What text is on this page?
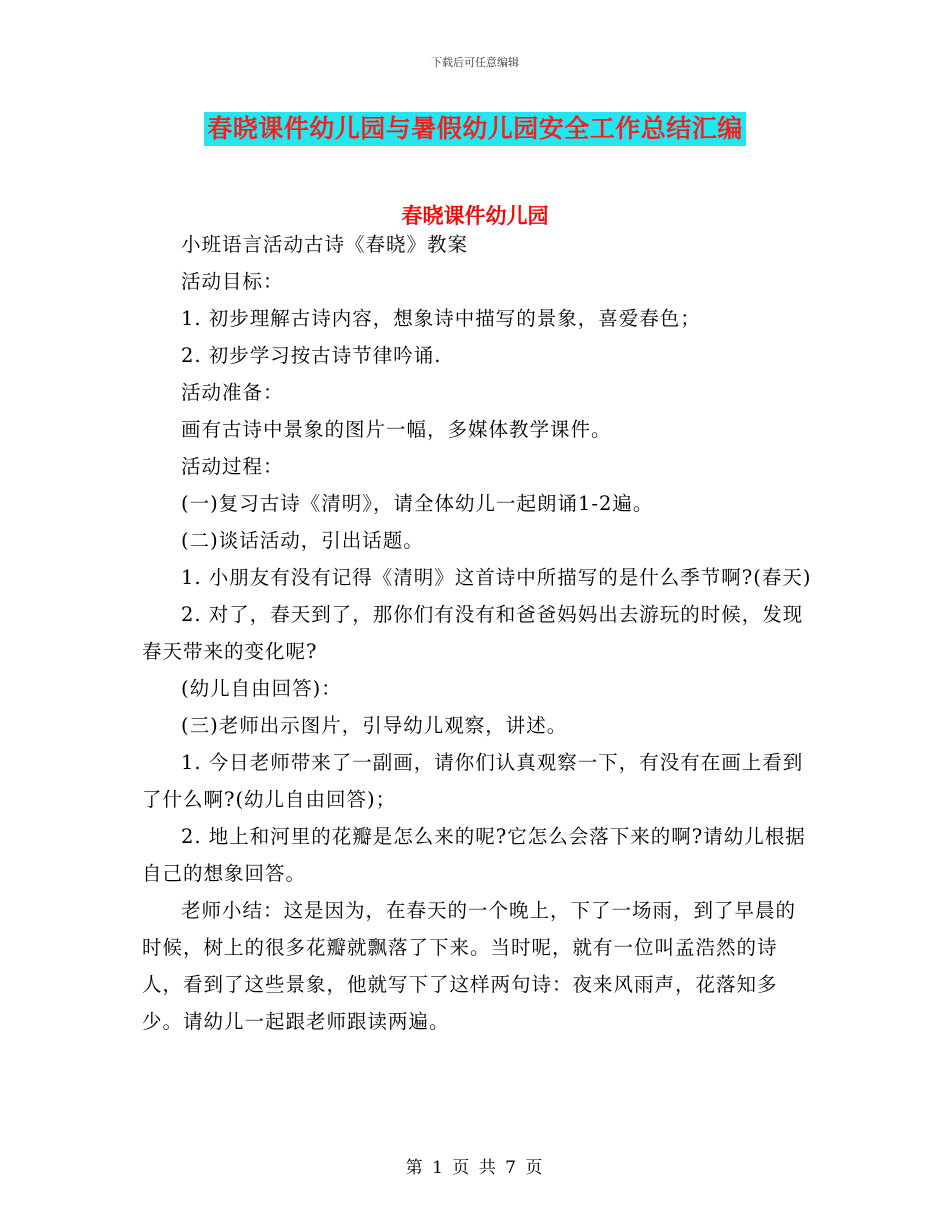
下载后可任意编辑
春晓课件幼儿园与暑假幼儿园安全工作总结汇编
春晓课件幼儿园

小班语言活动古诗《春晓》教案

活动目标：

1. 初步理解古诗内容，想象诗中描写的景象，喜爱春色；

2. 初步学习按古诗节律吟诵.

活动准备：

画有古诗中景象的图片一幅，多媒体教学课件。

活动过程：

(一)复习古诗《清明》，请全体幼儿一起朗诵1-2遍。

(二)谈话活动，引出话题。

1. 小朋友有没有记得《清明》这首诗中所描写的是什么季节啊?(春天)

2. 对了，春天到了，那你们有没有和爸爸妈妈出去游玩的时候，发现春天带来的变化呢?

(幼儿自由回答)：

(三)老师出示图片，引导幼儿观察，讲述。

1. 今日老师带来了一副画，请你们认真观察一下，有没有在画上看到了什么啊?(幼儿自由回答)；

2. 地上和河里的花瓣是怎么来的呢?它怎么会落下来的啊?请幼儿根据自己的想象回答。

老师小结：这是因为，在春天的一个晚上，下了一场雨，到了早晨的时候，树上的很多花瓣就飘落了下来。当时呢，就有一位叫孟浩然的诗人，看到了这些景象，他就写下了这样两句诗：夜来风雨声，花落知多少。请幼儿一起跟老师跟读两遍。

第 1 页 共 7 页
